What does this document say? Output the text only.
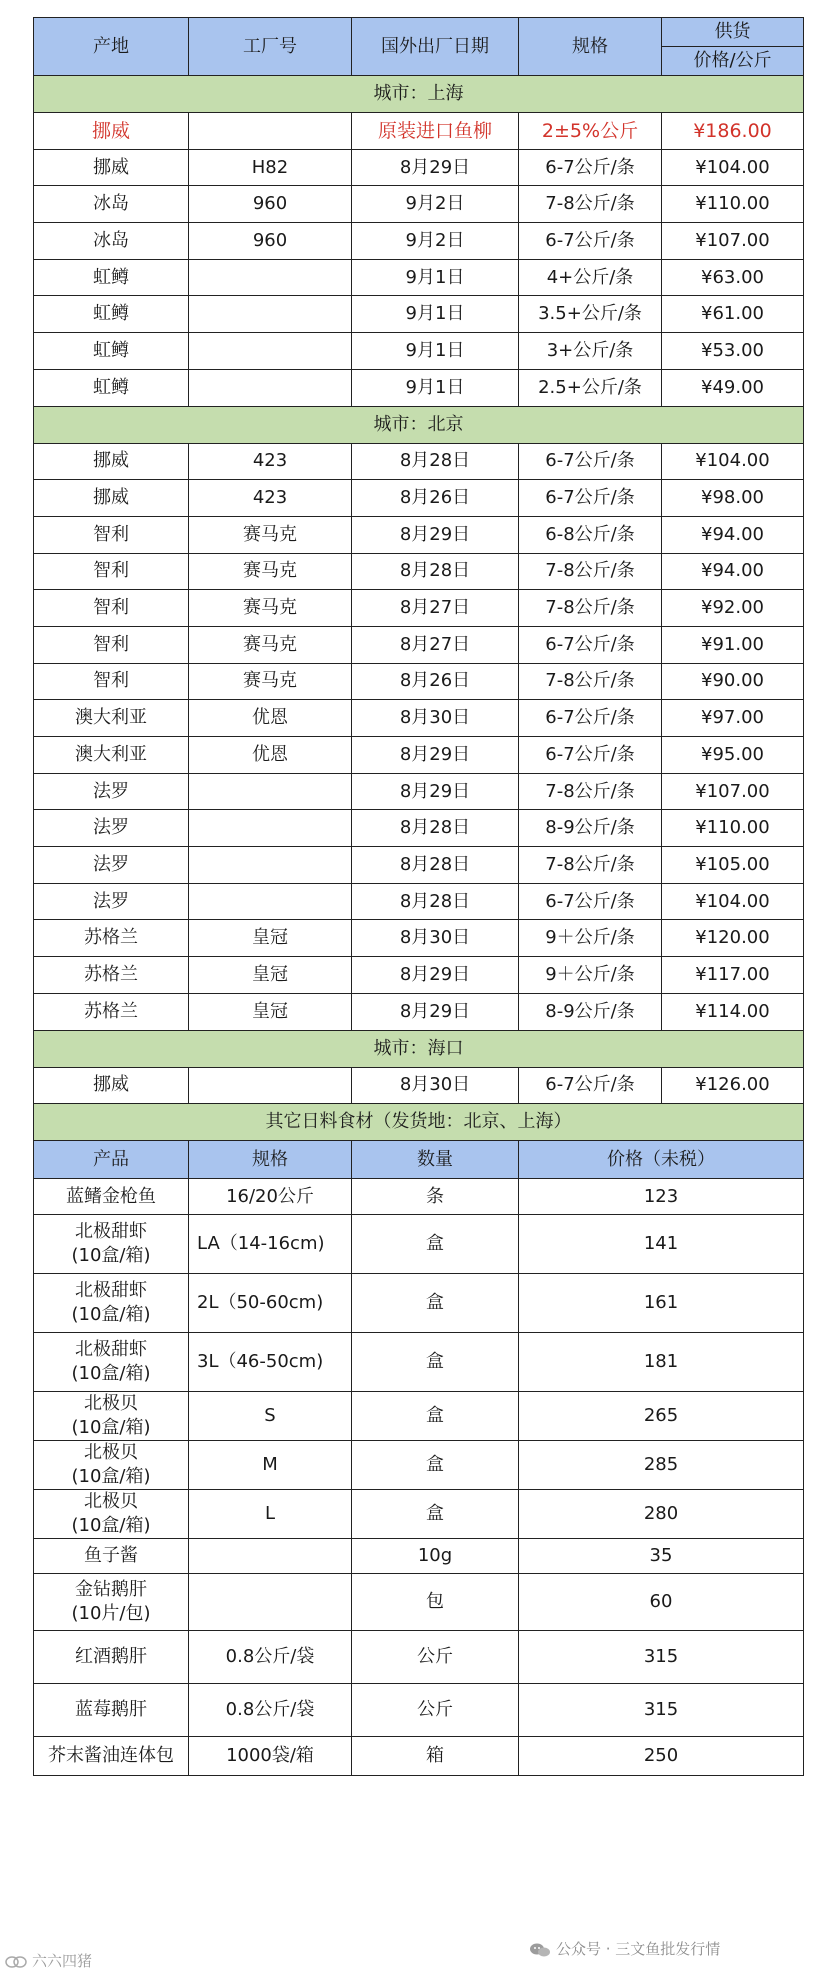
产地	工厂号	国外出厂日期	规格	供货
				价格/公斤
城市：上海				
挪威		原装进口鱼柳	2±5%公斤	¥186.00
挪威	H82	8月29日	6-7公斤/条	¥104.00
冰岛	960	9月2日	7-8公斤/条	¥110.00
冰岛	960	9月2日	6-7公斤/条	¥107.00
虹鳟		9月1日	4+公斤/条	¥63.00
虹鳟		9月1日	3.5+公斤/条	¥61.00
虹鳟		9月1日	3+公斤/条	¥53.00
虹鳟		9月1日	2.5+公斤/条	¥49.00
城市：北京				
挪威	423	8月28日	6-7公斤/条	¥104.00
挪威	423	8月26日	6-7公斤/条	¥98.00
智利	赛马克	8月29日	6-8公斤/条	¥94.00
智利	赛马克	8月28日	7-8公斤/条	¥94.00
智利	赛马克	8月27日	7-8公斤/条	¥92.00
智利	赛马克	8月27日	6-7公斤/条	¥91.00
智利	赛马克	8月26日	7-8公斤/条	¥90.00
澳大利亚	优恩	8月30日	6-7公斤/条	¥97.00
澳大利亚	优恩	8月29日	6-7公斤/条	¥95.00
法罗		8月29日	7-8公斤/条	¥107.00
法罗		8月28日	8-9公斤/条	¥110.00
法罗		8月28日	7-8公斤/条	¥105.00
法罗		8月28日	6-7公斤/条	¥104.00
苏格兰	皇冠	8月30日	9＋公斤/条	¥120.00
苏格兰	皇冠	8月29日	9＋公斤/条	¥117.00
苏格兰	皇冠	8月29日	8-9公斤/条	¥114.00
城市：海口				
挪威		8月30日	6-7公斤/条	¥126.00
其它日料食材（发货地：北京、上海）				
产品	规格	数量	价格（未税）	

蓝鳍金枪鱼	16/20公斤	条	123	

北极甜虾
(10盒/箱)	LA（14-16cm)	盒	141	

北极甜虾
(10盒/箱)	2L（50-60cm)	盒	161	

北极甜虾
(10盒/箱)	3L（46-50cm)	盒	181	

北极贝
(10盒/箱)	S	盒	265	

北极贝
(10盒/箱)	M	盒	285	

北极贝
(10盒/箱)	L	盒	280	

鱼子酱		10g	35	

金钻鹅肝
(10片/包)		包	60	

红酒鹅肝	0.8公斤/袋	公斤	315	

蓝莓鹅肝	0.8公斤/袋	公斤	315	

芥末酱油连体包	1000袋/箱	箱	250	
六六四猪
公众号 · 三文鱼批发行情
